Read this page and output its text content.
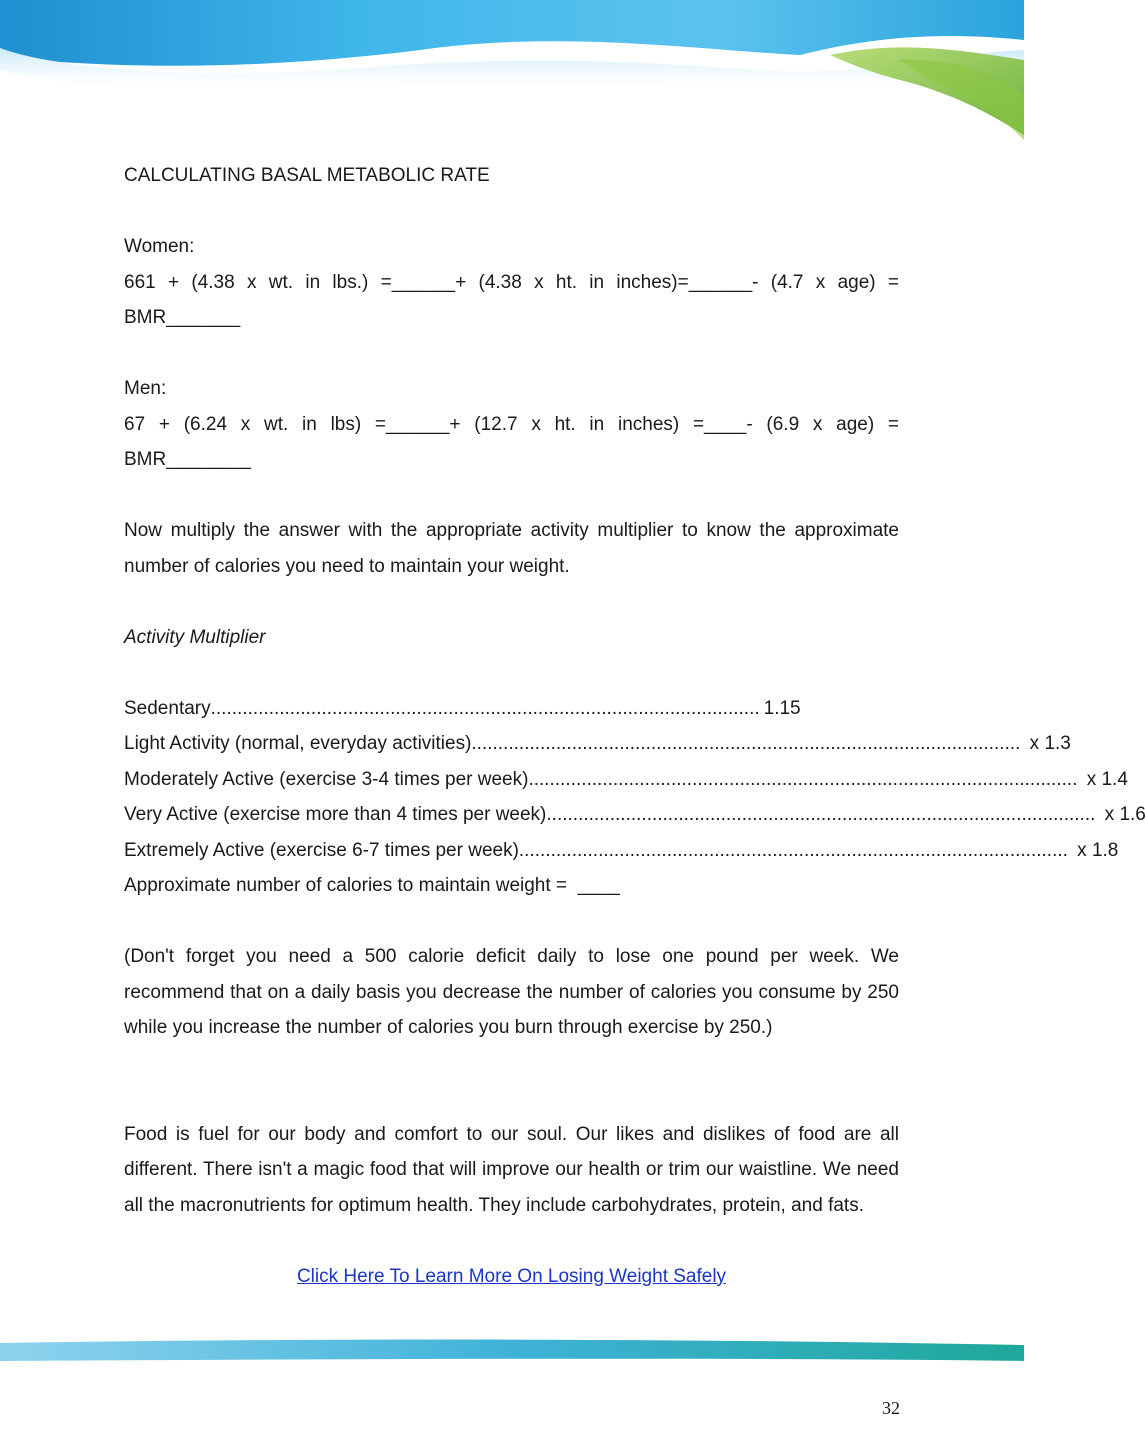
CALCULATING BASAL METABOLIC RATE
Women:
661 + (4.38 x wt. in lbs.) =______+ (4.38 x ht. in inches)=______- (4.7 x age) =
BMR_______
Men:
67 + (6.24 x wt. in lbs) =______+ (12.7 x ht. in inches) =____- (6.9 x age) =
BMR________

Now multiply the answer with the appropriate activity multiplier to know the approximate number of calories you need to maintain your weight.

Activity Multiplier
Sedentary ........................................................................................................ 1.15
Light Activity (normal, everyday activities) ........................................................................................................ x 1.3
Moderately Active (exercise 3-4 times per week) ........................................................................................................ x 1.4
Very Active (exercise more than 4 times per week) ........................................................................................................ x 1.6
Extremely Active (exercise 6-7 times per week) ........................................................................................................ x 1.8
Approximate number of calories to maintain weight =  ____

(Don't forget you need a 500 calorie deficit daily to lose one pound per week. We recommend that on a daily basis you decrease the number of calories you consume by 250 while you increase the number of calories you burn through exercise by 250.)

Food is fuel for our body and comfort to our soul. Our likes and dislikes of food are all different. There isn't a magic food that will improve our health or trim our waistline. We need all the macronutrients for optimum health. They include carbohydrates, protein, and fats.

Click Here To Learn More On Losing Weight Safely
32
